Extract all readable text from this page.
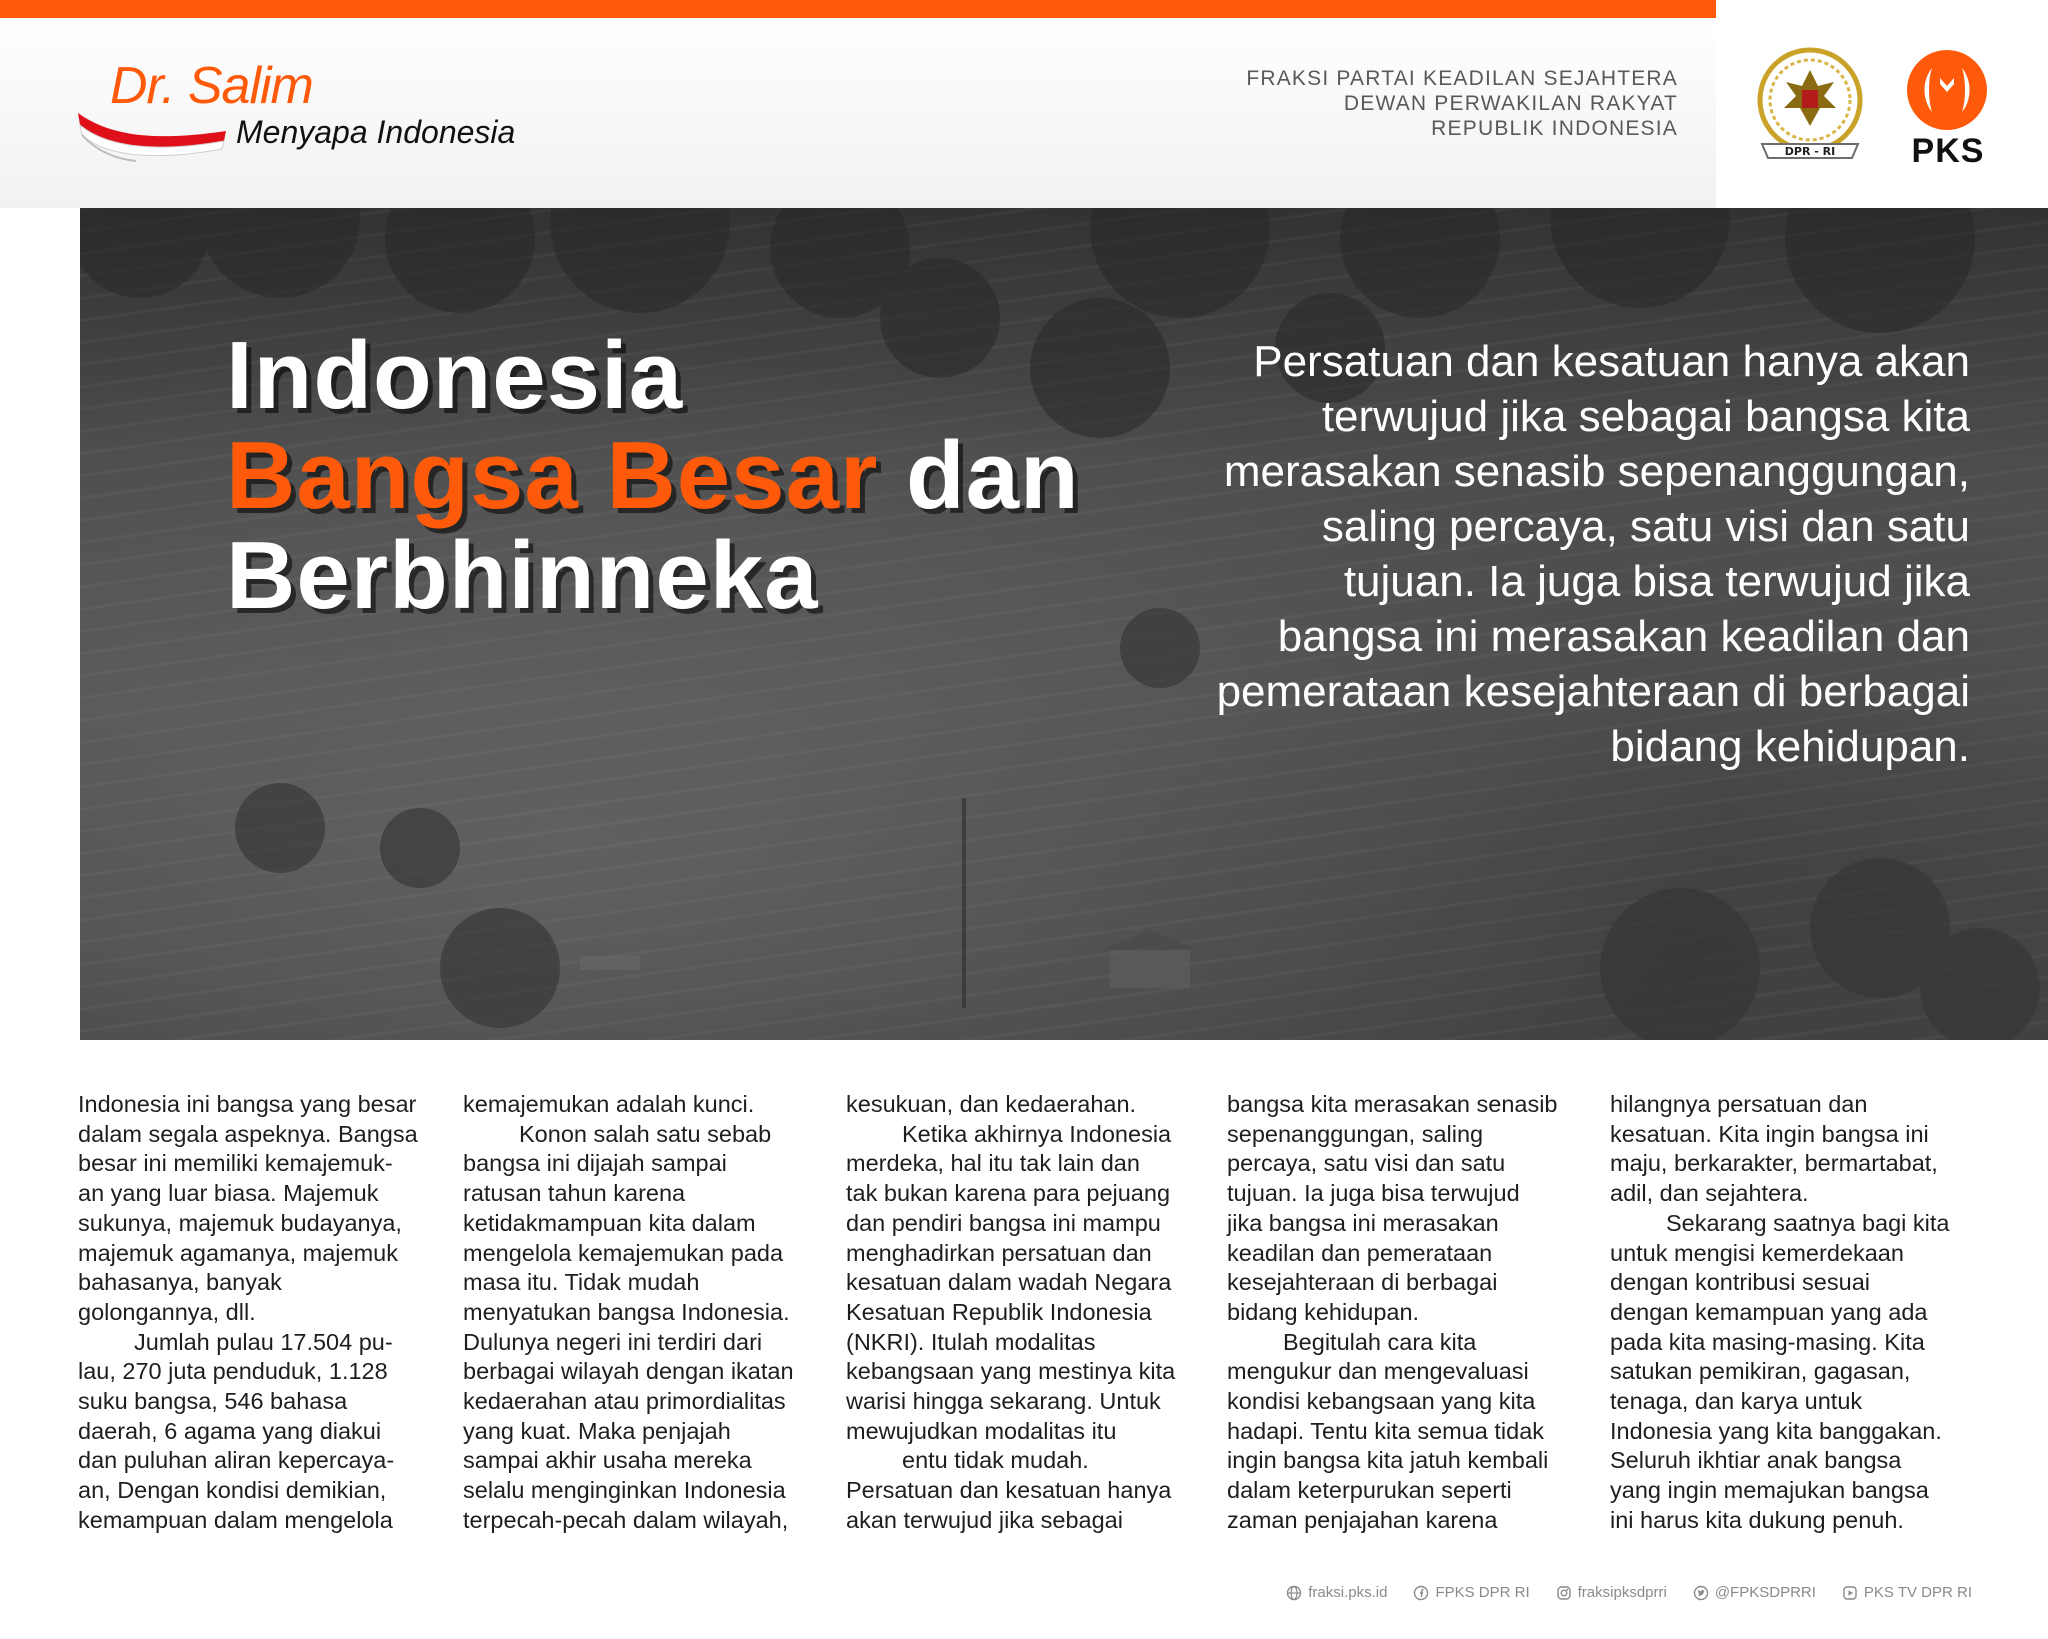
Dr. Salim
Menyapa Indonesia
FRAKSI PARTAI KEADILAN SEJAHTERA
DEWAN PERWAKILAN RAKYAT
REPUBLIK INDONESIA
DPR - RI	PKS
Indonesia
Bangsa Besar dan
Berbhinneka
Persatuan dan kesatuan hanya akan terwujud jika sebagai bangsa kita merasakan senasib sepenanggungan, saling percaya, satu visi dan satu tujuan. Ia juga bisa terwujud jika bangsa ini merasakan keadilan dan pemerataan kesejahteraan di berbagai bidang kehidupan.

Indonesia ini bangsa yang besar
dalam segala aspeknya. Bangsa
besar ini memiliki kemajemuk-
an yang luar biasa. Majemuk
sukunya, majemuk budayanya,
majemuk agamanya, majemuk
bahasanya, banyak
golongannya, dll.

Jumlah pulau 17.504 pu-
lau, 270 juta penduduk, 1.128
suku bangsa, 546 bahasa
daerah, 6 agama yang diakui
dan puluhan aliran kepercaya-
an, Dengan kondisi demikian,
kemampuan dalam mengelola

kemajemukan adalah kunci.

Konon salah satu sebab
bangsa ini dijajah sampai
ratusan tahun karena
ketidakmampuan kita dalam
mengelola kemajemukan pada
masa itu. Tidak mudah
menyatukan bangsa Indonesia.
Dulunya negeri ini terdiri dari
berbagai wilayah dengan ikatan
kedaerahan atau primordialitas
yang kuat. Maka penjajah
sampai akhir usaha mereka
selalu menginginkan Indonesia
terpecah-pecah dalam wilayah,

kesukuan, dan kedaerahan.

Ketika akhirnya Indonesia
merdeka, hal itu tak lain dan
tak bukan karena para pejuang
dan pendiri bangsa ini mampu
menghadirkan persatuan dan
kesatuan dalam wadah Negara
Kesatuan Republik Indonesia
(NKRI). Itulah modalitas
kebangsaan yang mestinya kita
warisi hingga sekarang. Untuk
mewujudkan modalitas itu

entu tidak mudah.

Persatuan dan kesatuan hanya
akan terwujud jika sebagai

bangsa kita merasakan senasib
sepenanggungan, saling
percaya, satu visi dan satu
tujuan. Ia juga bisa terwujud
jika bangsa ini merasakan
keadilan dan pemerataan
kesejahteraan di berbagai
bidang kehidupan.

Begitulah cara kita
mengukur dan mengevaluasi
kondisi kebangsaan yang kita
hadapi. Tentu kita semua tidak
ingin bangsa kita jatuh kembali
dalam keterpurukan seperti
zaman penjajahan karena

hilangnya persatuan dan
kesatuan. Kita ingin bangsa ini
maju, berkarakter, bermartabat,
adil, dan sejahtera.

Sekarang saatnya bagi kita
untuk mengisi kemerdekaan
dengan kontribusi sesuai
dengan kemampuan yang ada
pada kita masing-masing. Kita
satukan pemikiran, gagasan,
tenaga, dan karya untuk
Indonesia yang kita banggakan.
Seluruh ikhtiar anak bangsa
yang ingin memajukan bangsa
ini harus kita dukung penuh.

fraksi.pks.id	FPKS DPR RI	fraksipksdprri	@FPKSDPRRI	PKS TV DPR RI
